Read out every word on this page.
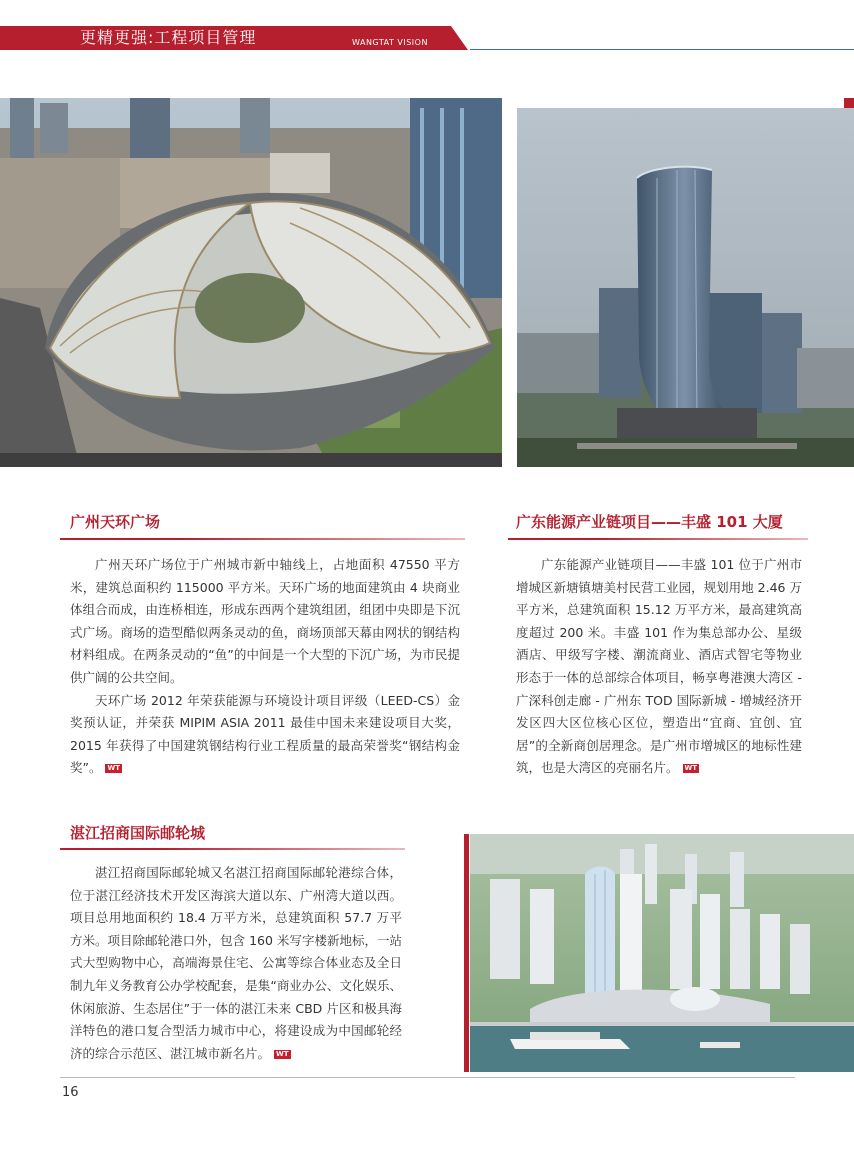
更精更强:工程项目管理	WANGTAT VISION
广州天环广场

广州天环广场位于广州城市新中轴线上，占地面积 47550 平方米，建筑总面积约 115000 平方米。天环广场的地面建筑由 4 块商业体组合而成，由连桥相连，形成东西两个建筑组团，组团中央即是下沉式广场。商场的造型酷似两条灵动的鱼，商场顶部天幕由网状的钢结构材料组成。在两条灵动的“鱼”的中间是一个大型的下沉广场，为市民提供广阔的公共空间。

天环广场 2012 年荣获能源与环境设计项目评级（LEED-CS）金奖预认证，并荣获 MIPIM ASIA 2011 最佳中国未来建设项目大奖，2015 年获得了中国建筑钢结构行业工程质量的最高荣誉奖“钢结构金奖”。 WT

广东能源产业链项目——丰盛 101 大厦

广东能源产业链项目——丰盛 101 位于广州市增城区新塘镇塘美村民营工业园，规划用地 2.46 万平方米，总建筑面积 15.12 万平方米，最高建筑高度超过 200 米。丰盛 101 作为集总部办公、星级酒店、甲级写字楼、潮流商业、酒店式智宅等物业形态于一体的总部综合体项目，畅享粤港澳大湾区 - 广深科创走廊 - 广州东 TOD 国际新城 - 增城经济开发区四大区位核心区位，塑造出“宜商、宜创、宜居”的全新商创居理念。是广州市增城区的地标性建筑，也是大湾区的亮丽名片。 WT

湛江招商国际邮轮城

湛江招商国际邮轮城又名湛江招商国际邮轮港综合体，位于湛江经济技术开发区海滨大道以东、广州湾大道以西。项目总用地面积约 18.4 万平方米，总建筑面积 57.7 万平方米。项目除邮轮港口外，包含 160 米写字楼新地标，一站式大型购物中心，高端海景住宅、公寓等综合体业态及全日制九年义务教育公办学校配套，是集“商业办公、文化娱乐、休闲旅游、生态居住”于一体的湛江未来 CBD 片区和极具海洋特色的港口复合型活力城市中心，将建设成为中国邮轮经济的综合示范区、湛江城市新名片。 WT

16
